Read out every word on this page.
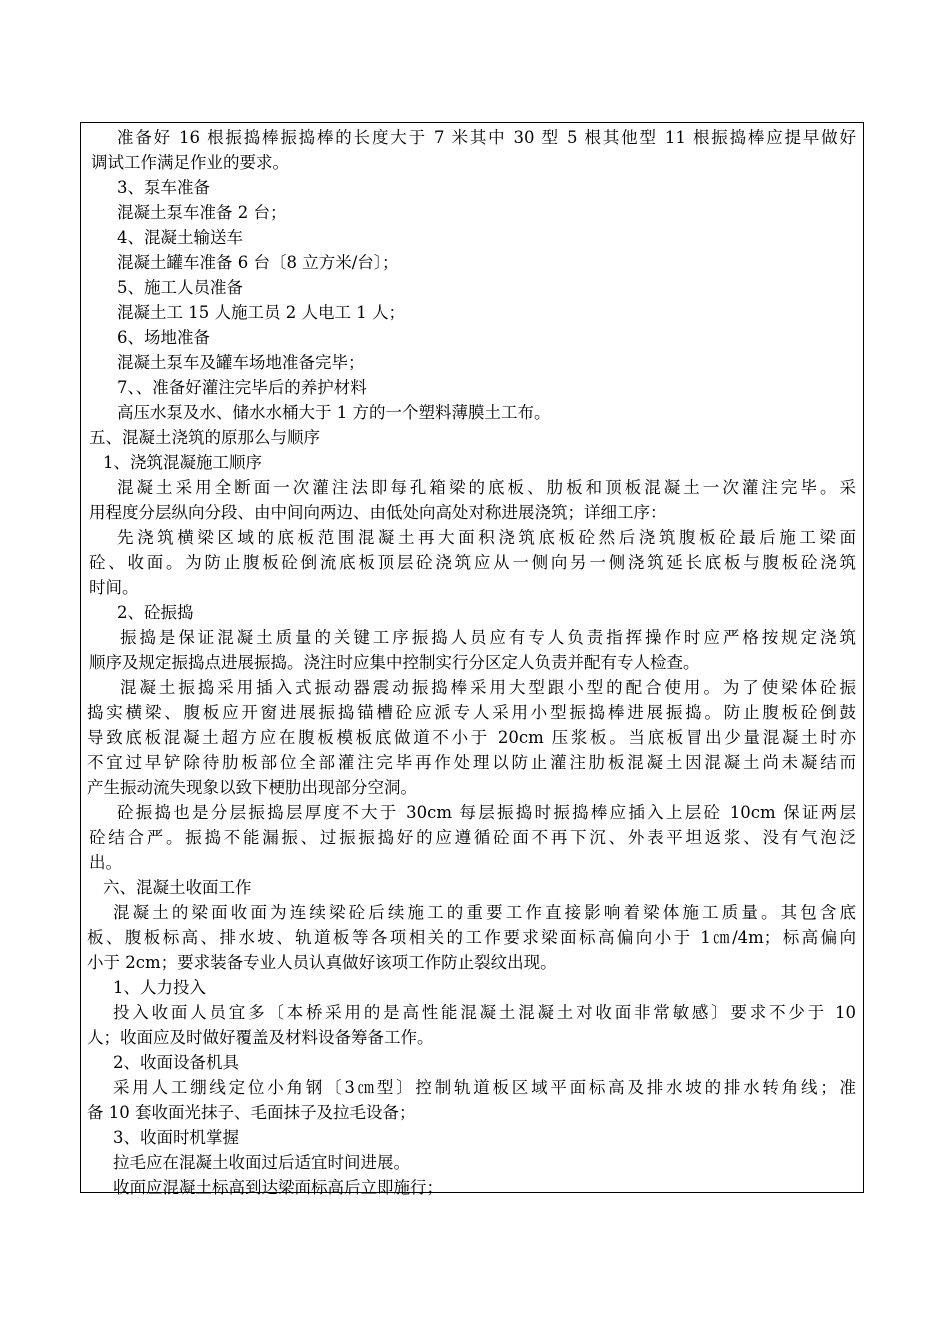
准备好 16 根振捣棒振捣棒的长度大于 7 米其中 30 型 5 根其他型 11 根振捣棒应提早做好
调试工作满足作业的要求。
3、泵车准备
混凝土泵车准备 2 台；
4、混凝土输送车
混凝土罐车准备 6 台〔8 立方米/台〕；
5、施工人员准备
混凝土工 15 人施工员 2 人电工 1 人；
6、场地准备
混凝土泵车及罐车场地准备完毕；
7、、准备好灌注完毕后的养护材料
高压水泵及水、储水水桶大于 1 方的一个塑料薄膜土工布。
五、混凝土浇筑的原那么与顺序
1、浇筑混凝施工顺序
混凝土采用全断面一次灌注法即每孔箱梁的底板、肋板和顶板混凝土一次灌注完毕。采
用程度分层纵向分段、由中间向两边、由低处向高处对称进展浇筑；详细工序：
先浇筑横梁区域的底板范围混凝土再大面积浇筑底板砼然后浇筑腹板砼最后施工梁面
砼、收面。为防止腹板砼倒流底板顶层砼浇筑应从一侧向另一侧浇筑延长底板与腹板砼浇筑
时间。
2、砼振捣
振捣是保证混凝土质量的关键工序振捣人员应有专人负责指挥操作时应严格按规定浇筑
顺序及规定振捣点进展振捣。浇注时应集中控制实行分区定人负责并配有专人检查。
混凝土振捣采用插入式振动器震动振捣棒采用大型跟小型的配合使用。为了使梁体砼振
捣实横梁、腹板应开窗进展振捣锚槽砼应派专人采用小型振捣棒进展振捣。防止腹板砼倒鼓
导致底板混凝土超方应在腹板模板底做道不小于 20cm 压浆板。当底板冒出少量混凝土时亦
不宜过早铲除待肋板部位全部灌注完毕再作处理以防止灌注肋板混凝土因混凝土尚未凝结而
产生振动流失现象以致下梗肋出现部分空洞。
砼振捣也是分层振捣层厚度不大于 30cm 每层振捣时振捣棒应插入上层砼 10cm 保证两层
砼结合严。振捣不能漏振、过振振捣好的应遵循砼面不再下沉、外表平坦返浆、没有气泡泛
出。
六、混凝土收面工作
混凝土的梁面收面为连续梁砼后续施工的重要工作直接影响着梁体施工质量。其包含底
板、腹板标高、排水坡、轨道板等各项相关的工作要求梁面标高偏向小于 1㎝/4m；标高偏向
小于 2cm；要求装备专业人员认真做好该项工作防止裂纹出现。
1、人力投入
投入收面人员宜多〔本桥采用的是高性能混凝土混凝土对收面非常敏感〕要求不少于 10
人；收面应及时做好覆盖及材料设备筹备工作。
2、收面设备机具
采用人工绷线定位小角钢〔3㎝型〕控制轨道板区域平面标高及排水坡的排水转角线；准
备 10 套收面光抹子、毛面抹子及拉毛设备；
3、收面时机掌握
拉毛应在混凝土收面过后适宜时间进展。
收面应混凝土标高到达梁面标高后立即施行；
